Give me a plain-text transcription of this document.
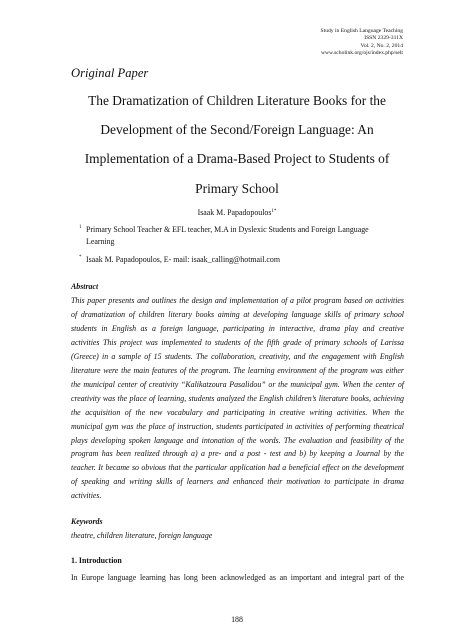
Study in English Language Teaching
ISSN 2329-311X
Vol. 2, No. 2, 2014
www.scholink.org/ojs/index.php/selt
Original Paper
The Dramatization of Children Literature Books for the
Development of the Second/Foreign Language: An
Implementation of a Drama-Based Project to Students of
Primary School
Isaak M. Papadopoulos$^{1*}$
1 Primary School Teacher & EFL teacher, M.A in Dyslexic Students and Foreign Language
Learning
* Isaak M. Papadopoulos, E- mail: isaak_calling@hotmail.com
Abstract
This paper presents and outlines the design and implementation of a pilot program based on activities
of dramatization of children literary books aiming at developing language skills of primary school
students in English as a foreign language, participating in interactive, drama play and creative
activities This project was implemented to students of the fifth grade of primary schools of Larissa
(Greece) in a sample of 15 students. The collaboration, creativity, and the engagement with English
literature were the main features of the program. The learning environment of the program was either
the municipal center of creativity “Kalikatzoura Pasalidou” or the municipal gym. When the center of
creativity was the place of learning, students analyzed the English children’s literature books, achieving
the acquisition of the new vocabulary and participating in creative writing activities. When the
municipal gym was the place of instruction, students participated in activities of performing theatrical
plays developing spoken language and intonation of the words. The evaluation and feasibility of the
program has been realized through a) a pre- and a post - test and b) by keeping a Journal by the
teacher. It became so obvious that the particular application had a beneficial effect on the development
of speaking and writing skills of learners and enhanced their motivation to participate in drama
activities.
Keywords
theatre, children literature, foreign language
1. Introduction
In Europe language learning has long been acknowledged as an important and integral part of the
188
